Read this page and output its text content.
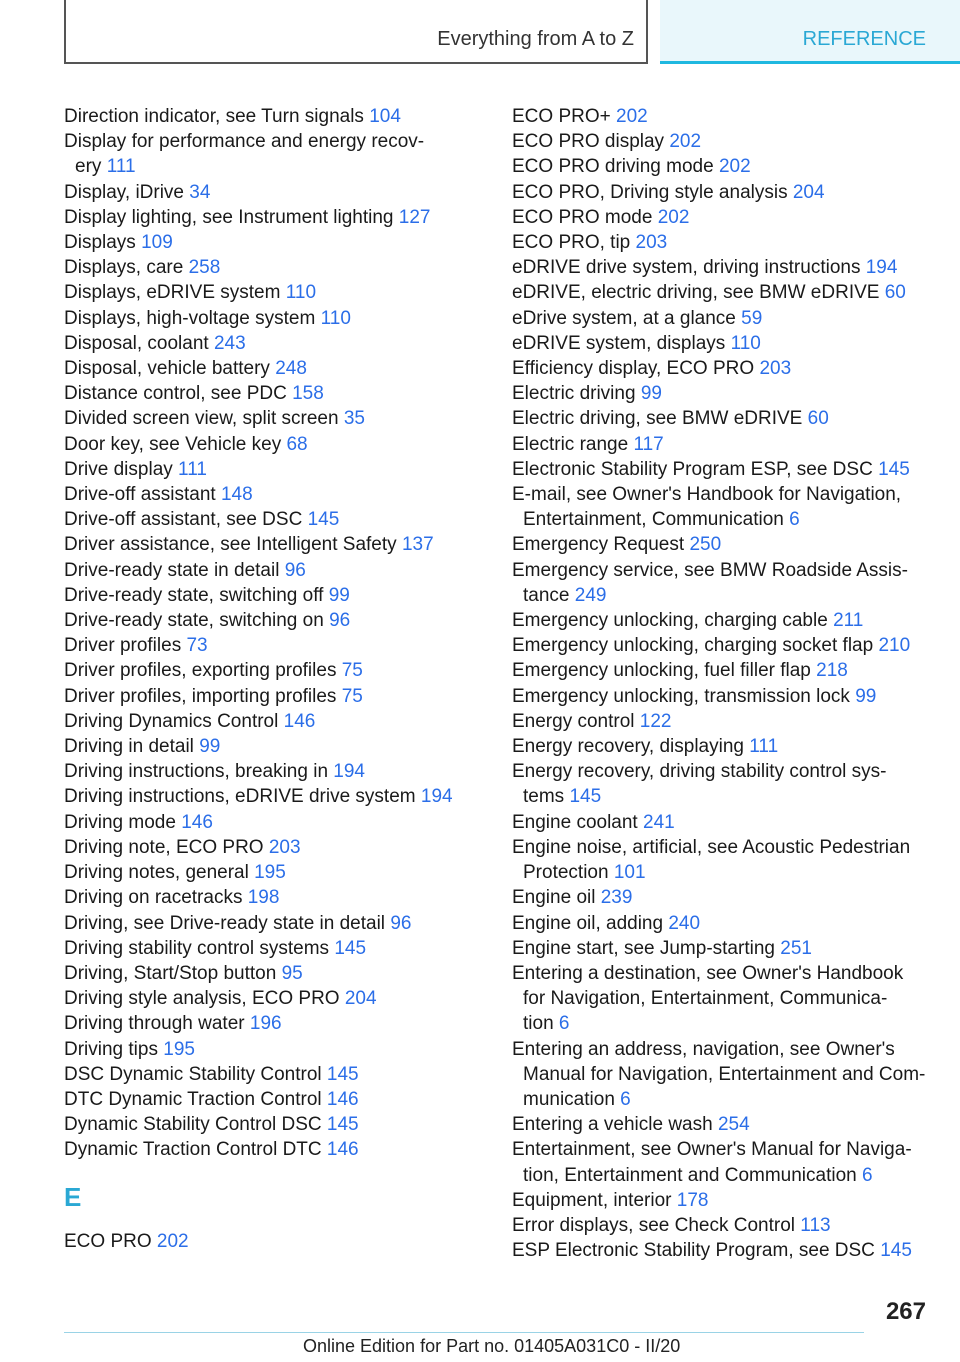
Everything from A to Z	REFERENCE
Direction indicator, see Turn signals 104
Display for performance and energy recov-
ery 111
Display, iDrive 34
Display lighting, see Instrument lighting 127
Displays 109
Displays, care 258
Displays, eDRIVE system 110
Displays, high-voltage system 110
Disposal, coolant 243
Disposal, vehicle battery 248
Distance control, see PDC 158
Divided screen view, split screen 35
Door key, see Vehicle key 68
Drive display 111
Drive-off assistant 148
Drive-off assistant, see DSC 145
Driver assistance, see Intelligent Safety 137
Drive-ready state in detail 96
Drive-ready state, switching off 99
Drive-ready state, switching on 96
Driver profiles 73
Driver profiles, exporting profiles 75
Driver profiles, importing profiles 75
Driving Dynamics Control 146
Driving in detail 99
Driving instructions, breaking in 194
Driving instructions, eDRIVE drive system 194
Driving mode 146
Driving note, ECO PRO 203
Driving notes, general 195
Driving on racetracks 198
Driving, see Drive-ready state in detail 96
Driving stability control systems 145
Driving, Start/Stop button 95
Driving style analysis, ECO PRO 204
Driving through water 196
Driving tips 195
DSC Dynamic Stability Control 145
DTC Dynamic Traction Control 146
Dynamic Stability Control DSC 145
Dynamic Traction Control DTC 146
E
ECO PRO 202
ECO PRO+ 202
ECO PRO display 202
ECO PRO driving mode 202
ECO PRO, Driving style analysis 204
ECO PRO mode 202
ECO PRO, tip 203
eDRIVE drive system, driving instructions 194
eDRIVE, electric driving, see BMW eDRIVE 60
eDrive system, at a glance 59
eDRIVE system, displays 110
Efficiency display, ECO PRO 203
Electric driving 99
Electric driving, see BMW eDRIVE 60
Electric range 117
Electronic Stability Program ESP, see DSC 145
E-mail, see Owner's Handbook for Navigation,
Entertainment, Communication 6
Emergency Request 250
Emergency service, see BMW Roadside Assis-
tance 249
Emergency unlocking, charging cable 211
Emergency unlocking, charging socket flap 210
Emergency unlocking, fuel filler flap 218
Emergency unlocking, transmission lock 99
Energy control 122
Energy recovery, displaying 111
Energy recovery, driving stability control sys-
tems 145
Engine coolant 241
Engine noise, artificial, see Acoustic Pedestrian
Protection 101
Engine oil 239
Engine oil, adding 240
Engine start, see Jump-starting 251
Entering a destination, see Owner's Handbook
for Navigation, Entertainment, Communica-
tion 6
Entering an address, navigation, see Owner's
Manual for Navigation, Entertainment and Com-
munication 6
Entering a vehicle wash 254
Entertainment, see Owner's Manual for Naviga-
tion, Entertainment and Communication 6
Equipment, interior 178
Error displays, see Check Control 113
ESP Electronic Stability Program, see DSC 145
267
Online Edition for Part no. 01405A031C0 - II/20
